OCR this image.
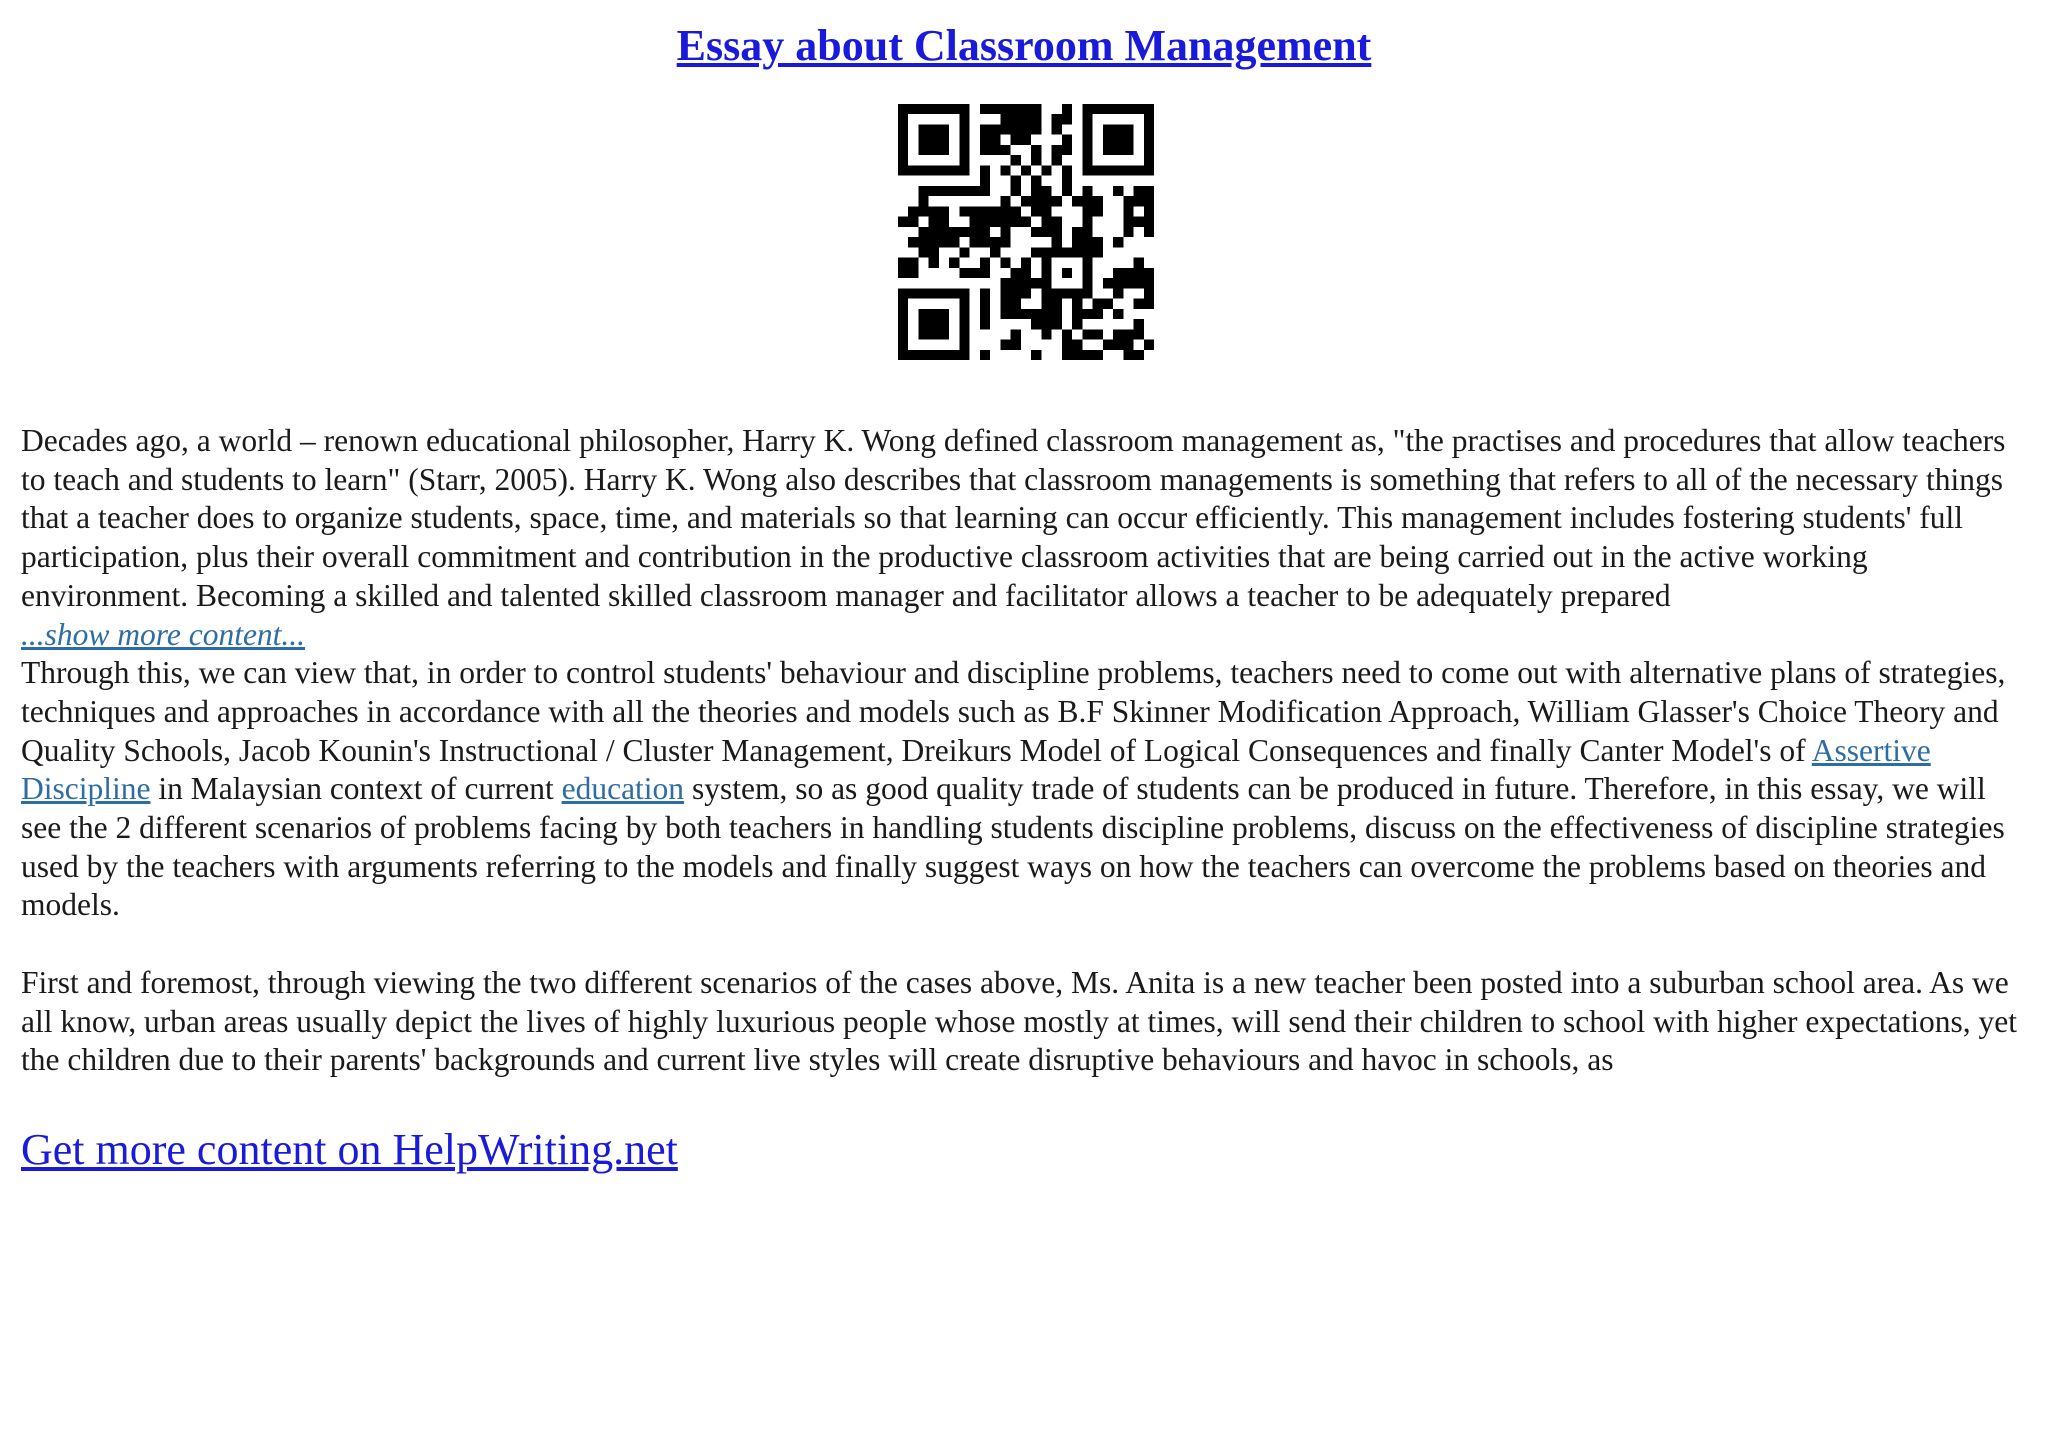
Essay about Classroom Management

Decades ago, a world – renown educational philosopher, Harry K. Wong defined classroom management as, "the practises and procedures that allow teachers to teach and students to learn" (Starr, 2005). Harry K. Wong also describes that classroom managements is something that refers to all of the necessary things that a teacher does to organize students, space, time, and materials so that learning can occur efficiently. This management includes fostering students' full participation, plus their overall commitment and contribution in the productive classroom activities that are being carried out in the active working environment. Becoming a skilled and talented skilled classroom manager and facilitator allows a teacher to be adequately prepared
...show more content...
Through this, we can view that, in order to control students' behaviour and discipline problems, teachers need to come out with alternative plans of strategies, techniques and approaches in accordance with all the theories and models such as B.F Skinner Modification Approach, William Glasser's Choice Theory and Quality Schools, Jacob Kounin's Instructional / Cluster Management, Dreikurs Model of Logical Consequences and finally Canter Model's of Assertive Discipline in Malaysian context of current education system, so as good quality trade of students can be produced in future. Therefore, in this essay, we will see the 2 different scenarios of problems facing by both teachers in handling students discipline problems, discuss on the effectiveness of discipline strategies used by the teachers with arguments referring to the models and finally suggest ways on how the teachers can overcome the problems based on theories and models.

First and foremost, through viewing the two different scenarios of the cases above, Ms. Anita is a new teacher been posted into a suburban school area. As we all know, urban areas usually depict the lives of highly luxurious people whose mostly at times, will send their children to school with higher expectations, yet the children due to their parents' backgrounds and current live styles will create disruptive behaviours and havoc in schools, as

Get more content on HelpWriting.net
